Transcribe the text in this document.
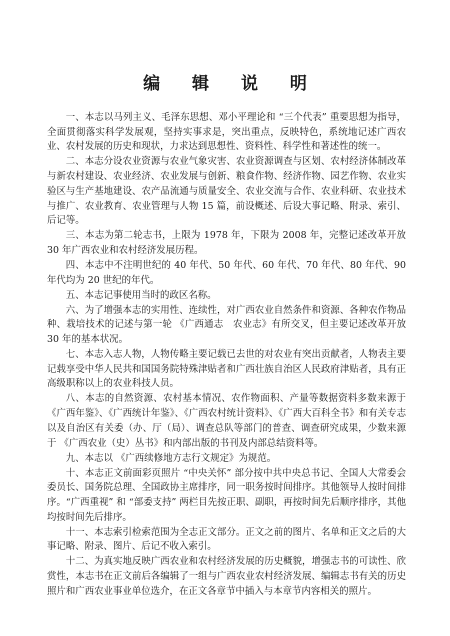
编 辑 说 明

一、本志以马列主义、毛泽东思想、邓小平理论和 “三个代表” 重要思想为指导，全面贯彻落实科学发展观，坚持实事求是，突出重点，反映特色，系统地记述广西农业、农村发展的历史和现状，力求达到思想性、资料性、科学性和著述性的统一。

二、本志分设农业资源与农业气象灾害、农业资源调查与区划、农村经济体制改革与新农村建设、农业经济、农业发展与创新、粮食作物、经济作物、园艺作物、农业实验区与生产基地建设、农产品流通与质量安全、农业交流与合作、农业科研、农业技术与推广、农业教育、农业管理与人物 15 篇，前设概述、后设大事记略、附录、索引、后记等。

三、本志为第二轮志书，上限为 1978 年，下限为 2008 年，完整记述改革开放 30 年广西农业和农村经济发展历程。

四、本志中不注明世纪的 40 年代、50 年代、60 年代、70 年代、80 年代、90 年代均为 20 世纪的年代。

五、本志记事使用当时的政区名称。

六、为了增强本志的实用性、连续性，对广西农业自然条件和资源、各种农作物品种、栽培技术的记述与第一轮 《广西通志　农业志》有所交叉，但主要记述改革开放 30 年的基本状况。

七、本志入志人物，人物传略主要记载已去世的对农业有突出贡献者，人物表主要记载享受中华人民共和国国务院特殊津贴者和广西壮族自治区人民政府津贴者，具有正高级职称以上的农业科技人员。

八、本志的自然资源、农村基本情况、农作物面积、产量等数据资料多数来源于 《广西年鉴》、《广西统计年鉴》、《广西农村统计资料》、《广西大百科全书》和有关专志以及自治区有关委（办、厅（局）、调查总队等部门的普查、调查研究成果，少数来源于 《广西农业（史）丛书》和内部出版的书刊及内部总结资料等。

九、本志以 《广西续修地方志行文规定》为规范。

十、本志正文前面彩页照片 “中央关怀” 部分按中共中央总书记、全国人大常委会委员长、国务院总理、全国政协主席排序，同一职务按时间排序。其他领导人按时间排序。“广西重视” 和 “部委支持” 两栏目先按正职、副职，再按时间先后顺序排序，其他均按时间先后排序。

十一、本志索引检索范围为全志正文部分。正文之前的图片、名单和正文之后的大事记略、附录、图片、后记不收入索引。

十二、为真实地反映广西农业和农村经济发展的历史概貌，增强志书的可读性、欣赏性，本志书在正文前后各编辑了一组与广西农业农村经济发展、编辑志书有关的历史照片和广西农业事业单位选介，在正文各章节中插入与本章节内容相关的照片。
